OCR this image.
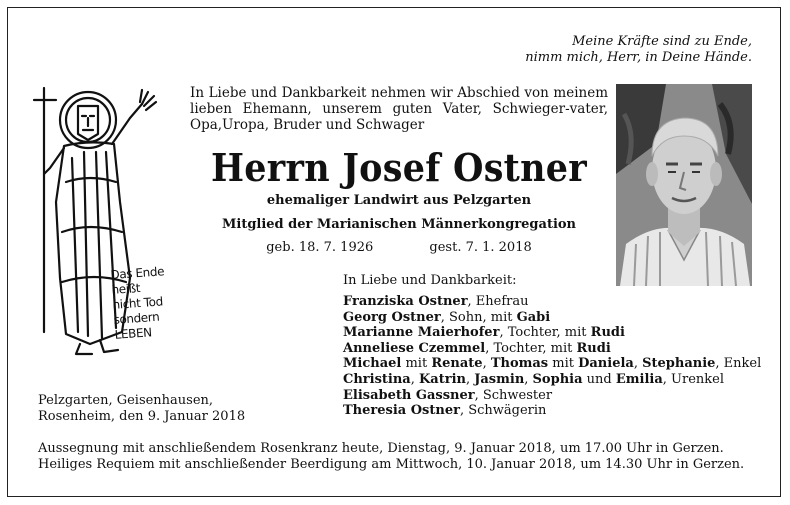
Meine Kräfte sind zu Ende,
nimm mich, Herr, in Deine Hände.
Das Ende
heißt
nicht Tod
sondern
LEBEN
In Liebe und Dankbarkeit nehmen wir Abschied von meinem lieben Ehemann, unserem guten Vater, Schwieger-vater, Opa,Uropa, Bruder und Schwager
Herrn Josef Ostner
ehemaliger Landwirt aus Pelzgarten
Mitglied der Marianischen Männerkongregation
geb. 18. 7. 1926	gest. 7. 1. 2018
In Liebe und Dankbarkeit:
Franziska Ostner, Ehefrau
Georg Ostner, Sohn, mit Gabi
Marianne Maierhofer, Tochter, mit Rudi
Anneliese Czemmel, Tochter, mit Rudi
Michael mit Renate, Thomas mit Daniela, Stephanie, Enkel
Christina, Katrin, Jasmin, Sophia und Emilia, Urenkel
Elisabeth Gassner, Schwester
Theresia Ostner, Schwägerin
Pelzgarten, Geisenhausen,
Rosenheim, den 9. Januar 2018
Aussegnung mit anschließendem Rosenkranz heute, Dienstag, 9. Januar 2018, um 17.00 Uhr in Gerzen.
Heiliges Requiem mit anschließender Beerdigung am Mittwoch, 10. Januar 2018, um 14.30 Uhr in Gerzen.
